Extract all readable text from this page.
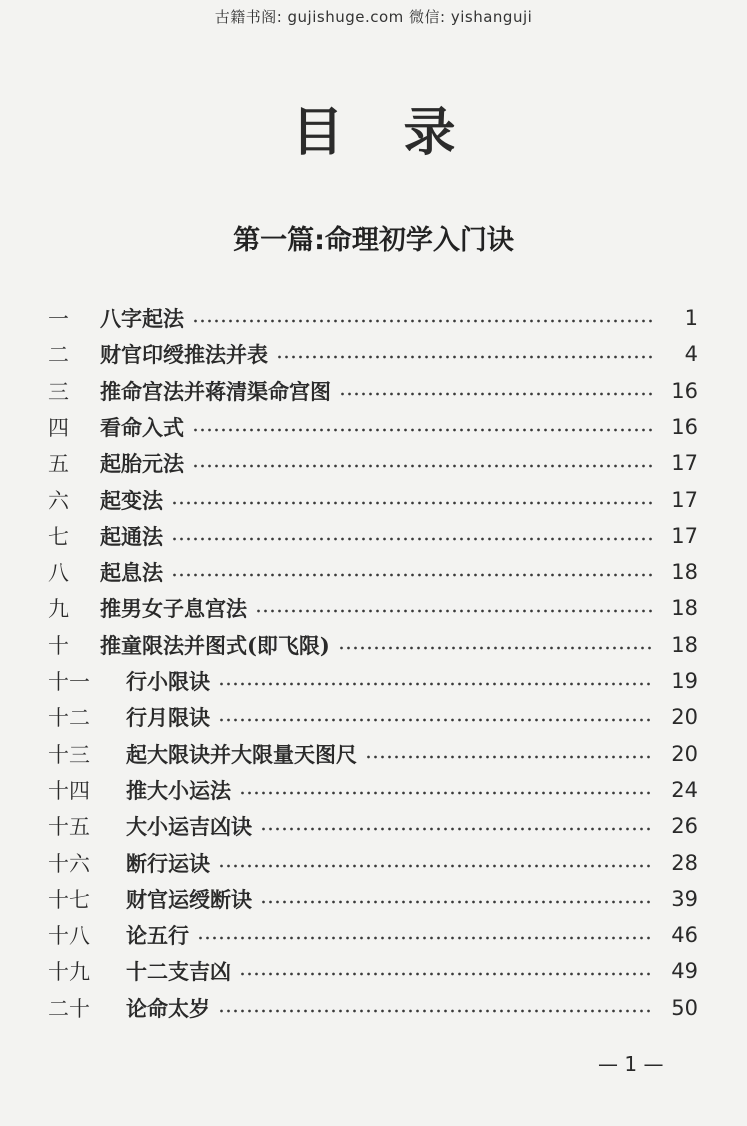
古籍书阁: gujishuge.com 微信: yishanguji
目录
第一篇:命理初学入门诀
一	八字起法	1
二	财官印绶推法并表	4
三	推命宫法并蒋清渠命宫图	16
四	看命入式	16
五	起胎元法	17
六	起变法	17
七	起通法	17
八	起息法	18
九	推男女子息宫法	18
十	推童限法并图式(即飞限)	18
十一	行小限诀	19
十二	行月限诀	20
十三	起大限诀并大限量天图尺	20
十四	推大小运法	24
十五	大小运吉凶诀	26
十六	断行运诀	28
十七	财官运绶断诀	39
十八	论五行	46
十九	十二支吉凶	49
二十	论命太岁	50
— 1 —
